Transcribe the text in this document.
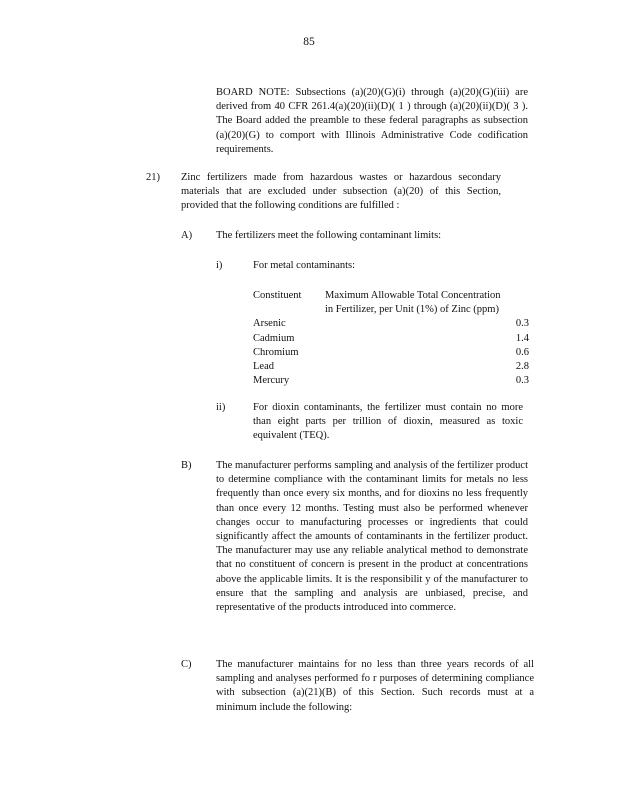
85
BOARD NOTE: Subsections (a)(20)(G)(i) through (a)(20)(G)(iii) are derived from 40 CFR 261.4(a)(20)(ii)(D)( 1 ) through (a)(20)(ii)(D)( 3 ). The Board added the preamble to these federal paragraphs as subsection (a)(20)(G) to comport with Illinois Administrative Code codification requirements.
21) Zinc fertilizers made from hazardous wastes or hazardous secondary materials that are excluded under subsection (a)(20) of this Section, provided that the following conditions are fulfilled :
A) The fertilizers meet the following contaminant limits:
i)	For metal contaminants:
Constituent	Maximum Allowable Total Concentration
in Fertilizer, per Unit (1%) of Zinc (ppm)
Arsenic	0.3
Cadmium	1.4
Chromium	0.6
Lead	2.8
Mercury	0.3
ii)	For dioxin contaminants, the fertilizer must contain no more than eight parts per trillion of dioxin, measured as toxic equivalent (TEQ).
B) The manufacturer performs sampling and analysis of the fertilizer product to determine compliance with the contaminant limits for metals no less frequently than once every six months, and for dioxins no less frequently than once every 12 months. Testing must also be performed whenever changes occur to manufacturing processes or ingredients that could significantly affect the amounts of contaminants in the fertilizer product. The manufacturer may use any reliable analytical method to demonstrate that no constituent of concern is present in the product at concentrations above the applicable limits. It is the responsibilit y of the manufacturer to ensure that the sampling and analysis are unbiased, precise, and representative of the products introduced into commerce.
C) The manufacturer maintains for no less than three years records of all sampling and analyses performed fo r purposes of determining compliance with subsection (a)(21)(B) of this Section. Such records must at a minimum include the following:
